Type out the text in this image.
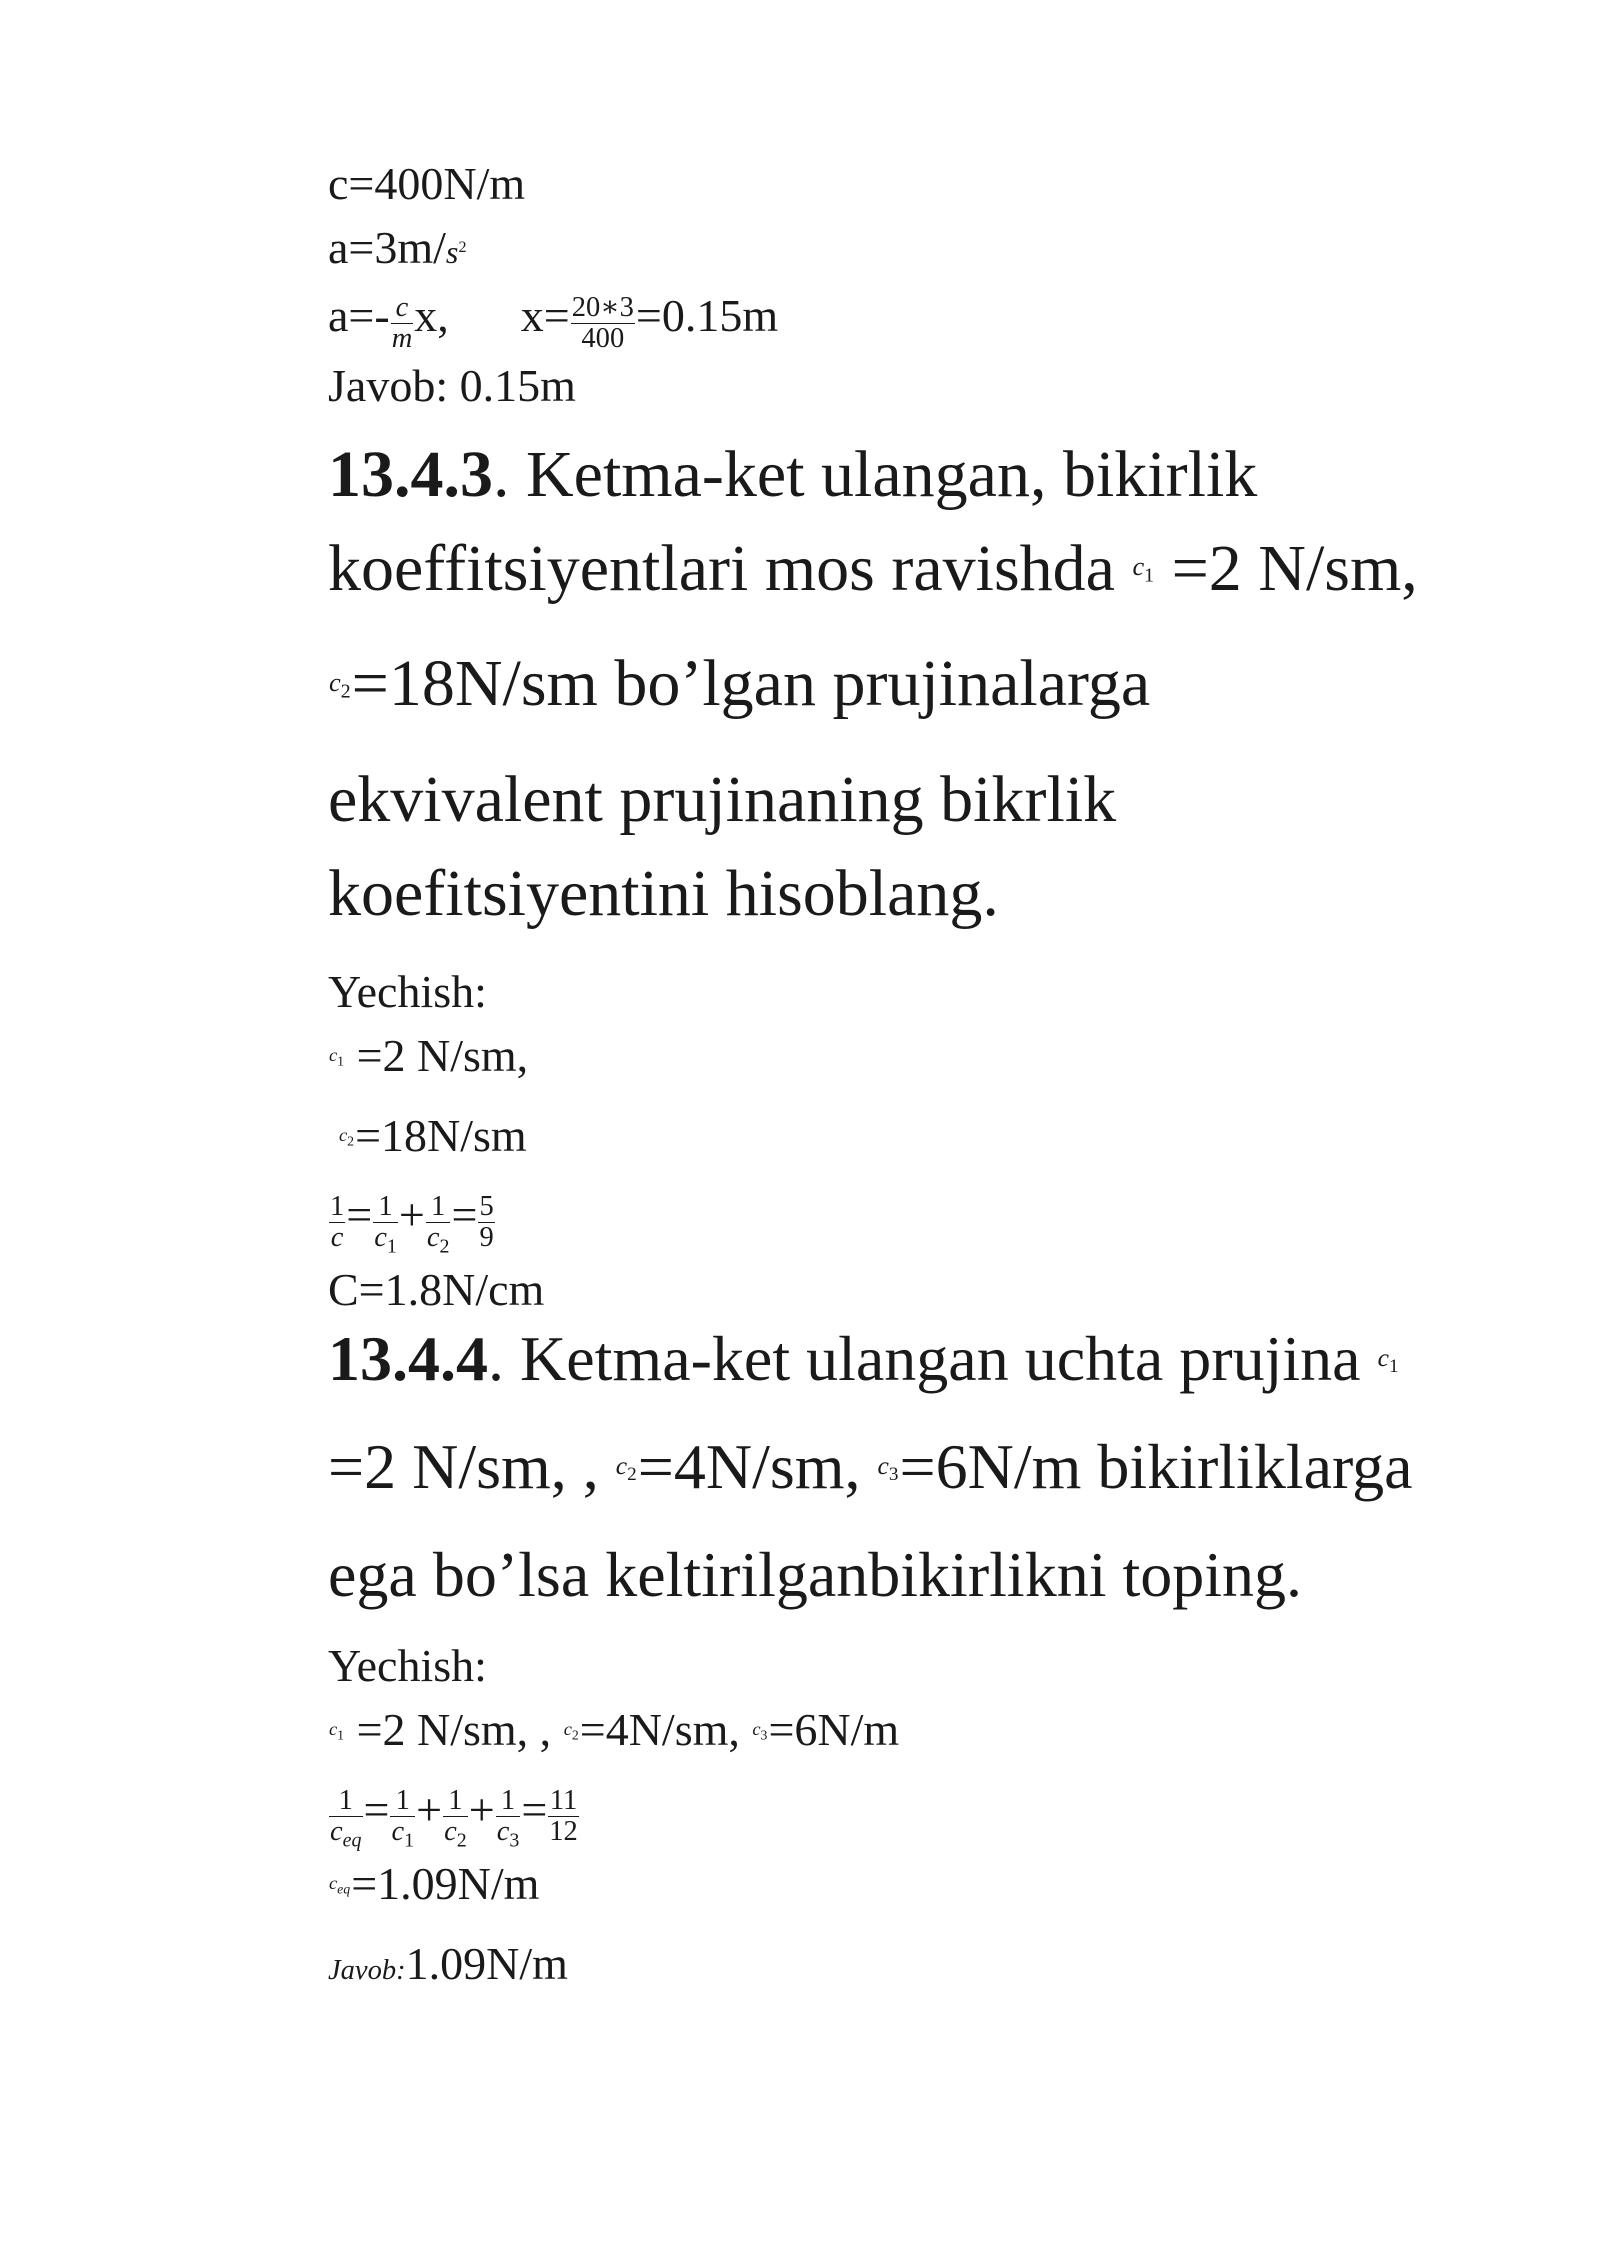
c=400N/m
$a=3m/s^2$
$a=- \frac{c}{m} x$, $x= \frac{20∗3}{400} =0.15m$
Javob: 0.15m
13.4.3. Ketma-ket ulangan, bikirlik
koeffitsiyentlari mos ravishda $^{c_1}$ =2 N/sm,
$^{c_2}$=18N/sm bo’lgan prujinalarga
ekvivalent prujinaning bikrlik
koefitsiyentini hisoblang.
Yechish:
$^{c_1}$ =2 N/sm,
$^{c_2}$=18N/sm
$\frac{1}{c} = \frac{1}{c_1} + \frac{1}{c_2} = \frac{5}{9}$
C=1.8N/cm
13.4.4. Ketma-ket ulangan uchta prujina $^{c_1}$
=2 N/sm, , $^{c_2}$=4N/sm, $^{c_3}$=6N/m bikirliklarga
ega bo’lsa keltirilganbikirlikni toping.
Yechish:
$^{c_1}$ =2 N/sm, , $^{c_2}$=4N/sm, $^{c_3}$=6N/m
1
$c_{eq}$
= $\frac{1}{c_1} + \frac{1}{c_2} + \frac{1}{c_3} = \frac{11}{12}$
$^{c_{eq}}$=1.09N/m
Javob:1.09N/m
